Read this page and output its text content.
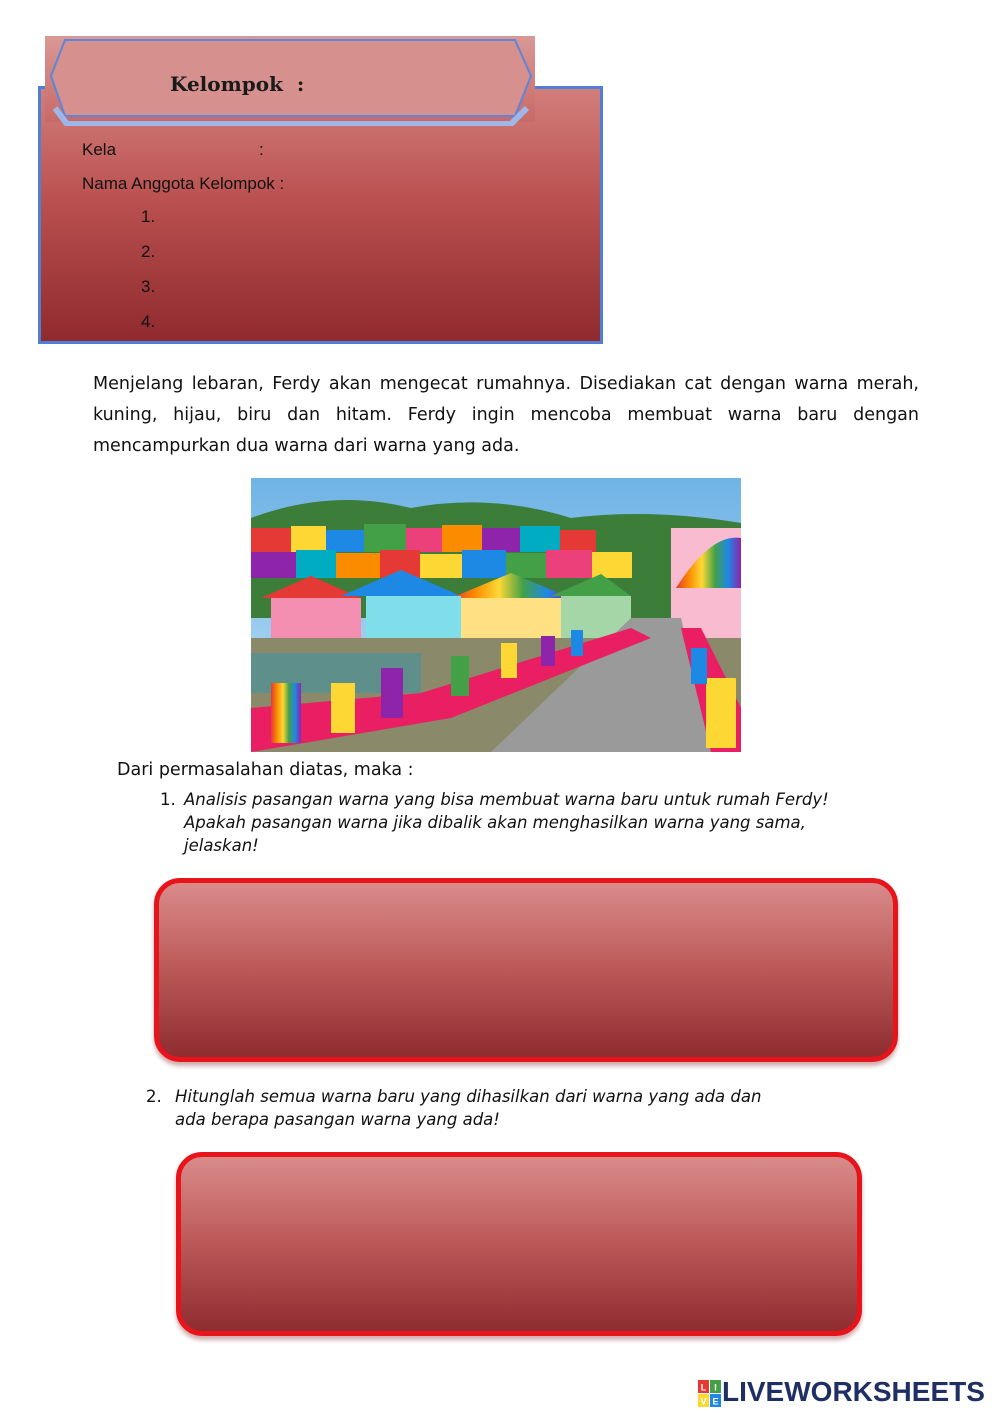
Kelompok  :
Kela	:
Nama Anggota Kelompok :
1.
2.
3.
4.
Menjelang lebaran, Ferdy akan mengecat rumahnya. Disediakan cat dengan warna merah, kuning, hijau, biru dan hitam. Ferdy ingin mencoba membuat warna baru dengan mencampurkan dua warna dari warna yang ada.
Dari permasalahan diatas, maka :
1. Analisis pasangan warna yang bisa membuat warna baru untuk rumah Ferdy!
Apakah pasangan warna jika dibalik akan menghasilkan warna yang sama,
jelaskan!
2. Hitunglah semua warna baru yang dihasilkan dari warna yang ada dan
ada berapa pasangan warna yang ada!
L I
V E LIVEWORKSHEETS
